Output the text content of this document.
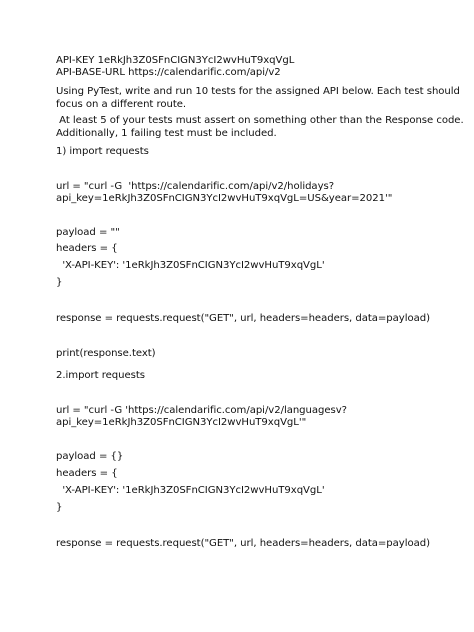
API-KEY 1eRkJh3Z0SFnCIGN3YcI2wvHuT9xqVgL
API-BASE-URL https://calendarific.com/api/v2
Using PyTest, write and run 10 tests for the assigned API below. Each test should
focus on a different route.
At least 5 of your tests must assert on something other than the Response code.
Additionally, 1 failing test must be included.
1) import requests
url = "curl -G  'https://calendarific.com/api/v2/holidays?
api_key=1eRkJh3Z0SFnCIGN3YcI2wvHuT9xqVgL=US&year=2021'"
payload = ""
headers = {
'X-API-KEY': '1eRkJh3Z0SFnCIGN3YcI2wvHuT9xqVgL'
}
response = requests.request("GET", url, headers=headers, data=payload)
print(response.text)
2.import requests
url = "curl -G 'https://calendarific.com/api/v2/languagesv?
api_key=1eRkJh3Z0SFnCIGN3YcI2wvHuT9xqVgL'"
payload = {}
headers = {
'X-API-KEY': '1eRkJh3Z0SFnCIGN3YcI2wvHuT9xqVgL'
}
response = requests.request("GET", url, headers=headers, data=payload)
